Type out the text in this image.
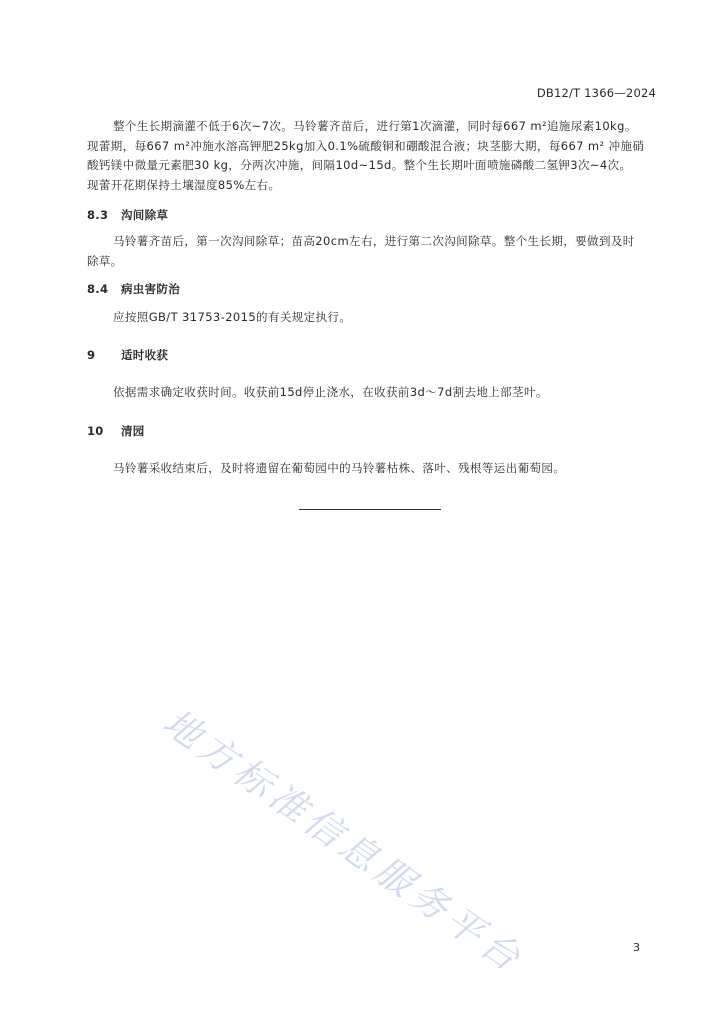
DB12/T 1366—2024
整个生长期滴灌不低于6次~7次。马铃薯齐苗后，进行第1次滴灌，同时每667 m²追施尿素10kg。
现蕾期，每667 m²冲施水溶高钾肥25kg加入0.1%硫酸铜和硼酸混合液；块茎膨大期，每667 m² 冲施硝
酸钙镁中微量元素肥30 kg，分两次冲施，间隔10d~15d。整个生长期叶面喷施磷酸二氢钾3次~4次。
现蕾开花期保持土壤湿度85%左右。
8.3 沟间除草
马铃薯齐苗后，第一次沟间除草；苗高20cm左右，进行第二次沟间除草。整个生长期，要做到及时
除草。
8.4 病虫害防治
应按照GB/T 31753-2015的有关规定执行。
9 适时收获
依据需求确定收获时间。收获前15d停止浇水，在收获前3d～7d割去地上部茎叶。
10 清园
马铃薯采收结束后，及时将遗留在葡萄园中的马铃薯枯株、落叶、残根等运出葡萄园。
地方标准信息服务平台	3
